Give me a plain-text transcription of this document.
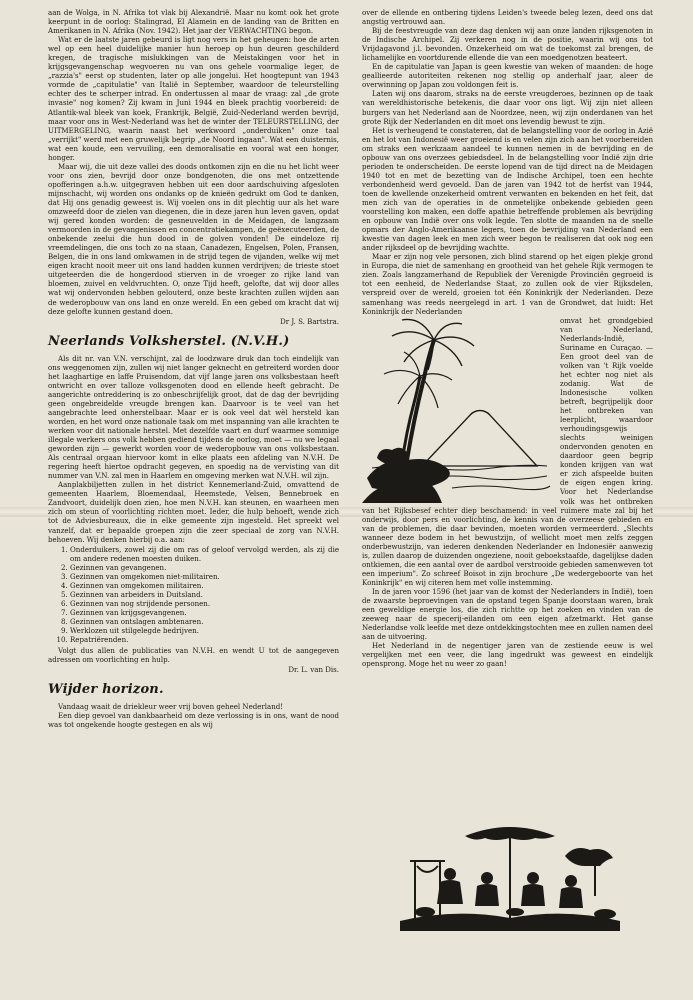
aan de Wolga, in N. Afrika tot vlak bij Alexandrië. Maar nu komt ook het grote keerpunt in de oorlog: Stalingrad, El Alamein en de landing van de Britten en Amerikanen in N. Afrika (Nov. 1942). Het jaar der VERWACHTING begon.

Wat er de laatste jaren gebeurd is ligt nog vers in het geheugen: hoe de arten wel op een heel duidelijke manier hun heroep op hun deuren geschilderd kregen, de tragische mislukkingen van de Meistakingen voor het in krijgsgevangenschap wegvoeren nu van ons gehele voormalige leger, de „razzia's" eerst op studenten, later op alle jongelui. Het hoogtepunt van 1943 vormde de „capitulatie" van Italië in September, waardoor de teleurstelling echter des te scherper intrad. En ondertussen al maar de vraag: zal „de grote invasie" nog komen? Zij kwam in Juni 1944 en bleek prachtig voorbereid: de Atlantik-wal bleek van koek, Frankrijk, België, Zuid-Nederland werden bevrijd, maar voor ons in West-Nederland was het de winter der TELEURSTELLING, der UITMERGELING, waarin naast het werkwoord „onderduiken" onze taal „verrijkt" werd met een gruwelijk begrip „de Noord ingaan". Wat een duisternis, wat een koude, een vervuiling, een demoralisatie en vooral wat een honger, honger.

Maar wij, die uit deze vallei des doods ontkomen zijn en die nu het licht weer voor ons zien, bevrijd door onze bondgenoten, die ons met ontzettende opofferingen a.h.w. uitgegraven hebben uit een door aardschuiving afgesloten mijnschacht, wij worden ons ondanks op de knieën gedrukt om God te danken, dat Hij ons genadig geweest is. Wij voelen ons in dit plechtig uur als het ware omzweefd door de zielen van diegenen, die in deze jaren hun leven gaven, opdat wij gered konden worden: de gesneuvelden in de Meidagen, de langzaam vermoorden in de gevangenissen en concentratiekampen, de geëxecuteerden, de onbekende zeelui die hun dood in de golven vonden! De eindeloze rij vreemdelingen, die ons toch zo na staan, Canadezen, Engelsen, Polen, Fransen, Belgen, die in ons land omkwamen in de strijd tegen de vijanden, welke wij met eigen kracht nooit meer uit ons land hadden kunnen verdrijven; de trieste stoet uitgeteerden die de hongerdood stierven in de vroeger zo rijke land van bloemen, zuivel en veldvruchten. O, onze Tijd heeft, gelofte, dat wij door alles wat wij ondervonden hebben gelouterd, onze beste krachten zullen wijden aan de wederopbouw van ons land en onze wereld. En een gebed om kracht dat wij deze gelofte kunnen gestand doen.

Dr J. S. Bartstra.
Neerlands Volksherstel. (N.V.H.)

Als dit nr. van V.N. verschijnt, zal de loodzware druk dan toch eindelijk van ons weggenomen zijn, zullen wij niet langer geknecht en getreiterd worden door het laaghartige en laffe Pruisendom, dat vijf lange jaren ons volksbestaan heeft ontwricht en over talloze volksgenoten dood en ellende heeft gebracht. De aangerichte ontredderinq is zo onbeschrijfelijk groot, dat de dag der bevrijding geen ongebreidelde vreugde brengen kan. Daarvoor is te veel van het aangebrachte leed onherstelbaar. Maar er is ook veel dat wèl hersteld kan worden, en het word onze nationale taak om met inspanning van alle krachten te werken voor dit nationale herstel. Met dezelfde vaart en durf waarmee sommige illegale werkers ons volk hebben gediend tijdens de oorlog, moet — nu we legaal geworden zijn — gewerkt worden voor de wederopbouw van ons volksbestaan. Als centraal orgaan hiervoor komt in elke plaats een afdeling van N.V.H. De regering heeft hiertoe opdracht gegeven, en spoedig na de vervisting van dit nummer van V.N. zal men in Haarlem en omgeving merken wat N.V.H. wil zijn.

Aanplakbiljetten zullen in het district Kennemerland-Zuid, omvattend de gemeenten Haarlem, Bloemendaal, Heemstede, Velsen, Bennebroek en Zandvoort, duidelijk doen zien, hoe men N.V.H. kan steunen, en waarheen men zich om steun of voorlichting richten moet. Ieder, die hulp behoeft, wende zich tot de Adviesbureaux, die in elke gemeente zijn ingesteld. Het spreekt wel vanzelf, dat er bepaalde groepen zijn die zeer speciaal de zorg van N.V.H. behoeven. Wij denken hierbij o.a. aan:

1. Onderduikers, zowel zij die om ras of geloof vervolgd werden, als zij die om andere redenen moesten duiken.
2. Gezinnen van gevangenen.
3. Gezinnen van omgekomen niet-militairen.
4. Gezinnen van omgekomen militairen.
5. Gezinnen van arbeiders in Duitsland.
6. Gezinnen van nog strijdende personen.
7. Gezinnen van krijgsgevangenen.
8. Gezinnen van ontslagen ambtenaren.
9. Werklozen uit stilgelegde bedrijven.
10. Repatriërenden.

Volgt dus allen de publicaties van N.V.H. en wendt U tot de aangegeven adressen om voorlichting en hulp.

Dr. L. van Dis.
Wijder horizon.

Vandaag waait de driekleur weer vrij boven geheel Nederland!

Een diep gevoel van dankbaarheid om deze verlossing is in ons, want de nood was tot ongekende hoogte gestegen en als wij

over de ellende en ontbering tijdens Leiden's tweede beleg lezen, deed ons dat angstig vertrouwd aan.

Bij de feestvreugde van deze dag denken wij aan onze landen rijksgenoten in de Indische Archipel. Zij verkeren nog in de positie, waarin wij ons tot Vrijdagavond j.l. bevonden. Onzekerheid om wat de toekomst zal brengen, de lichamelijke en voortdurende ellende die van een moedgenotzen beateert.

En de capitulatie van Japan is geen kwestie van weken of maanden: de hoge geallieerde autoriteiten rekenen nog stellig op anderhalf jaar, aleer de overwinning op Japan zou voldongen feit is.

Laten wij ons daarom, straks na de eerste vreugderoes, bezinnen op de taak van wereldhistorische betekenis, die daar voor ons ligt. Wij zijn niet alleen burgers van het Nederland aan de Noordzee, neen, wij zijn onderdanen van het grote Rijk der Nederlanden en dit moet ons levendig bewust te zijn.

Het is verheugend te constateren, dat de belangstelling voor de oorlog in Azië en het lot van Indonesië weer groeiend is en velen zijn zich aan het voorbereiden om straks een werkzaam aandeel te kunnen nemen in de bevrijding en de opbouw van ons overzees gebiedsdeel. In de belangstelling voor Indië zijn drie perioden te onderscheiden. De eerste lopend van de tijd direct na de Meidagen 1940 tot en met de bezetting van de Indische Archipel, toen een hechte verbondenheid werd gevoeld. Dan de jaren van 1942 tot de herfst van 1944, toen de kwellende onzekerheid omtrent verwanten en bekenden en het feit, dat men zich van de operaties in de onmetelijke onbekende gebieden geen voorstelling kon maken, een doffe apathie betreffende problemen als bevrijding en opbouw van Indië over ons volk legde. Ten slotte de maanden na de snelle opmars der Anglo-Amerikaanse legers, toen de bevrijding van Nederland een kwestie van dagen leek en men zich weer begon te realiseren dat ook nog een ander rijksdeel op de bevrijding wachtte.

Maar er zijn nog vele personen, zich blind starend op het eigen plekje grond in Europa, die niet de samenhang en grootheid van het gehele Rijk vermogen te zien. Zoals langzamerhand de Republiek der Verenigde Provinciën gegroeid is tot een eenheid, de Nederlandse Staat, zo zullen ook de vier Rijksdelen, verspreid over de wereld, groeien tot één Koninkrijk der Nederlanden. Deze samenhang was reeds neergelegd in art. 1 van de Grondwet, dat luidt: Het Koninkrijk der Nederlanden

omvat het grondgebied van Nederland, Nederlands-Indië, Suriname en Curaçao. — Een groot deel van de volken van 't Rijk voelde het echter nog niet als zodanig. Wat de Indonesische volken betreft, begrijpelijk door het ontbreken van leerplicht, waardoor verhoudingsgewijs slechts weinigen ondervonden genoten en daardoor geen begrip konden krijgen van wat er zich afspeelde buiten de eigen engen kring. Voor het Nederlandse volk was het ontbreken van het Rijksbesef echter diep beschamend: in veel ruimere mate zal bij het onderwijs, door pers en voorlichting, de kennis van de overzeese gebieden en van de problemen, die daar bevinden, moeten worden vermeerderd. „Slechts wanneer deze bodem in het bewustzijn, of wellicht moet men zelfs zeggen onderbewustzijn, van iederen denkenden Nederlander en Indonesiër aanwezig is, zullen daarop de duizenden ongeziene, nooit geboekstaafde, dagelijkse daden ontkiemen, die een aantal over de aardbol verstrooide gebieden samenweven tot een imperium". Zo schreef Boisot in zijn brochure „De wedergeboorte van het Koninkrijk" en wij citeren hem met volle instemming.

In de jaren voor 1596 (het jaar van de komst der Nederlanders in Indië), toen de zwaarste beproevingen van de opstand tegen Spanje doorstaan waren, brak een geweldige energie los, die zich richtte op het zoeken en vinden van de zeeweg naar de specerij-eilanden om een eigen afzetmarkt. Het ganse Nederlandse volk leefde met deze ontdekkingstochten mee en zullen namen deel aan de uitvoering.

Het Nederland in de negentiger jaren van de zestiende eeuw is wel vergelijken met een veer, die lang ingedrukt was geweest en eindelijk opensprong. Moge het nu weer zo gaan!
